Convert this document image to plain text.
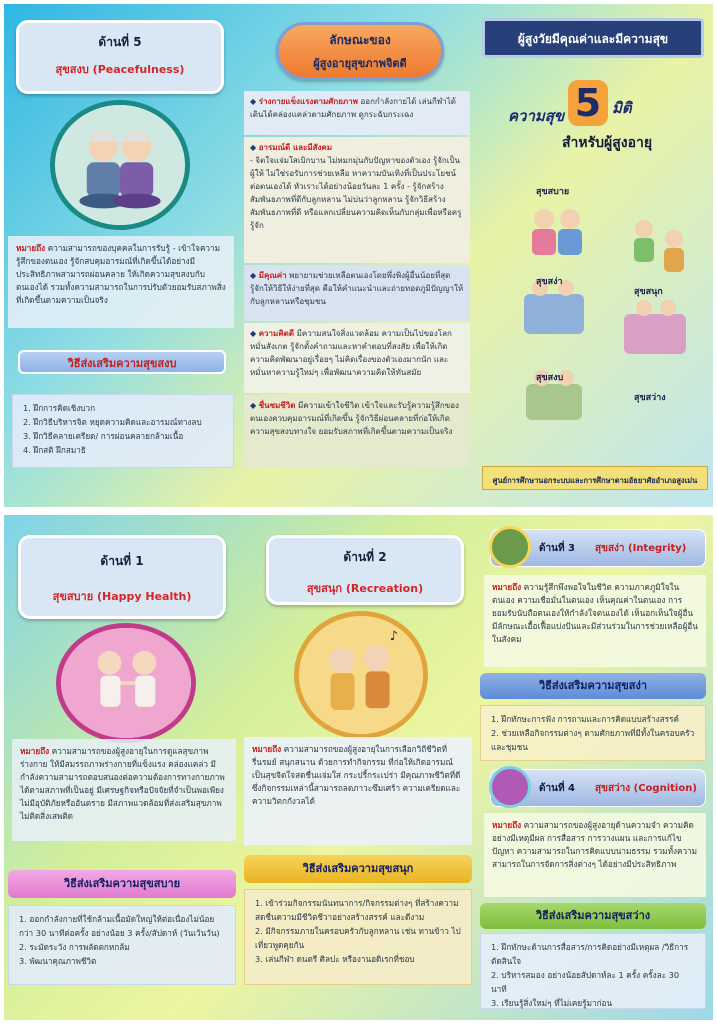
ด้านที่ 5
สุขสงบ (Peacefulness)
หมายถึง ความสามารถของบุคคลในการรับรู้ - เข้าใจความรู้สึกของตนเอง รู้จักสบคุมอารมณ์ที่เกิดขึ้นได้อย่างมีประสิทธิภาพสามารถผ่อนคลาย ให้เกิดความสุขสงบกับตนเองได้ รวมทั้งความสามารถในการปรับตัวยอมรับสภาพสิ่งที่เกิดขึ้นตามความเป็นจริง
วิธีส่งเสริมความสุขสงบ
1. ฝึกการคิดเชิงบวก
2. ฝึกวิธีบริหารจิต หยุดความคิดและอารมณ์ทางลบ
3. ฝึกวิธีคลายเครียด/ การผ่อนคลายกล้ามเนื้อ
4. ฝึกสติ ฝึกสมาธิ
ลักษณะของ
ผู้สูงอายุสุขภาพจิตดี
◆ ร่างกายแข็งแรงตามศักยภาพ ออกกำลังกายได้ เล่นกีฬาได้ เดินได้คล่องแคล่วตามศักยภาพ ดูกระฉับกระเฉง
◆ อารมณ์ดี และมีสังคม
- จิตใจแจ่มใสเบิกบาน ไม่หมกมุ่นกับปัญหาของตัวเอง รู้จักเป็นผู้ให้ ไม่ใช่รอรับการช่วยเหลือ หาความบันเทิงที่เป็นประโยชน์ต่อตนเองได้ หัวเราะได้อย่างน้อยวันละ 1 ครั้ง - รู้จักสร้างสัมพันธภาพที่ดีกับลูกหลาน ไม่บ่นว่าลูกหลาน รู้จักวิธีสร้างสัมพันธภาพที่ดี หรือแลกเปลี่ยนความคิดเห็นกับกลุ่มเพื่อหรือครูรู้จัก
◆ มีคุณค่า พยายามช่วยเหลือตนเองโดยพึ่งพิงผู้อื่นน้อยที่สุด รู้จักให้วิธีให้ง่ายที่สุด คือให้คำแนะนำและถ่ายทอดภูมิปัญญาให้กับลูกหลานหรือชุมชน
◆ ความคิดดี มีความสนใจสิ่งแวดล้อม ความเป็นไปของโลก หมั่นสังเกต รู้จักตั้งคำถามและหาคำตอบที่สงสัย เพื่อให้เกิดความคิดพัฒนาอยู่เรื่อยๆ ไม่คิดเรื่องของตัวเองมากนัก และหมั่นหาความรู้ใหม่ๆ เพื่อพัฒนาความคิดให้ทันสมัย
◆ ชื่นชมชีวิต มีความเข้าใจชีวิต เข้าใจและรับรู้ความรู้สึกของตนเองควบคุมอารมณ์ที่เกิดขึ้น รู้จักวิธีผ่อนคลายที่ก่อให้เกิดความสุขสงบทางใจ ยอมรับสภาพที่เกิดขึ้นตามความเป็นจริง
ผู้สูงวัยมีคุณค่าและมีความสุข
ความสุข 5 มิติ
สำหรับผู้สูงอายุ
สุขสบาย
สุขสนุก
สุขสง่า
สุขสงบ
สุขสว่าง
ศูนย์การศึกษานอกระบบและการศึกษาตามอัธยาศัยอำเภอสูงเม่น
ด้านที่ 1
สุขสบาย (Happy Health)
หมายถึง ความสามารถของผู้สูงอายุในการดูแลสุขภาพร่างกาย ให้มีสมรรถภาพร่างกายที่แข็งแรง คล่องแคล่ว มีกำลังความสามารถตอบสนองต่อความต้องการทางกายภาพได้ตามสภาพที่เป็นอยู่ มีเศรษฐกิจหรือปัจจัยที่จำเป็นพอเพียง ไม่มีอุบัติภัยหรืออันตราย มีสภาพแวดล้อมที่ส่งเสริมสุขภาพ ไม่ติดสิ่งเสพติด
วิธีส่งเสริมความสุขสบาย
1. ออกกำลังกายที่ใช้กล้ามเนื้อมัดใหญ่ให้ต่อเนื่องไม่น้อยกว่า 30 นาทีต่อครั้ง อย่างน้อย 3 ครั้ง/สัปดาห์ (วันเว้นวัน)
2. ระมัดระวัง การพลัดตกหกล้ม
3. พัฒนาคุณภาพชีวิต
ด้านที่ 2
สุขสนุก (Recreation)
♪
หมายถึง ความสามารถของผู้สูงอายุในการเลือกวิถีชีวิตที่รื่นรมย์ สนุกสนาน ด้วยการทำกิจกรรม ที่ก่อให้เกิดอารมณ์เป็นสุขจิตใจสดชื่นแจ่มใส กระปรี้กระเปร่า มีคุณภาพชีวิตที่ดี ซึ่งกิจกรรมเหล่านี้สามารถลดภาวะซึมเศร้า ความเครียดและความวิตกกังวลได้
วิธีส่งเสริมความสุขสนุก
1. เข้าร่วมกิจกรรมนันทนาการ/กิจกรรมต่างๆ ที่สร้างความสดชื่นความมีชีวิตชีวาอย่างสร้างสรรค์ และดีงาม
2. มีกิจกรรมภายในครอบครัวกับลูกหลาน เช่น ทานข้าว ไปเที่ยวพูดคุยกัน
3. เล่นกีฬา ดนตรี ศิลปะ หรืองานอดิเรกที่ชอบ
ด้านที่ 3 สุขสง่า (Integrity)
หมายถึง ความรู้สึกพึงพอใจในชีวิต ความภาคภูมิใจในตนเอง ความเชื่อมั่นในตนเอง เห็นคุณค่าในตนเอง การยอมรับนับถือตนเองให้กำลังใจตนเองได้ เห็นอกเห็นใจผู้อื่น มีลักษณะเอื้อเฟื้อแบ่งปันและมีส่วนร่วมในการช่วยเหลือผู้อื่นในสังคม
วิธีส่งเสริมความสุขสง่า
1. ฝึกทักษะการฟัง การถามและการคิดแบบสร้างสรรค์
2. ช่วยเหลือกิจกรรมต่างๆ ตามศักยภาพที่มีทั้งในครอบครัวและชุมชน
ด้านที่ 4 สุขสว่าง (Cognition)
หมายถึง ความสามารถของผู้สูงอายุด้านความจำ ความคิดอย่างมีเหตุมีผล การสื่อสาร การวางแผน และการแก้ไขปัญหา ความสามารถในการคิดแบบนามธรรม รวมทั้งความสามารถในการจัดการสิ่งต่างๆ ได้อย่างมีประสิทธิภาพ
วิธีส่งเสริมความสุขสว่าง
1. ฝึกทักษะด้านการสื่อสาร/การคิดอย่างมีเหตุผล /วิธีการตัดสินใจ
2. บริหารสมอง อย่างน้อยสัปดาห์ละ 1 ครั้ง ครั้งละ 30 นาที
3. เรียนรู้สิ่งใหม่ๆ ที่ไม่เคยรู้มาก่อน
